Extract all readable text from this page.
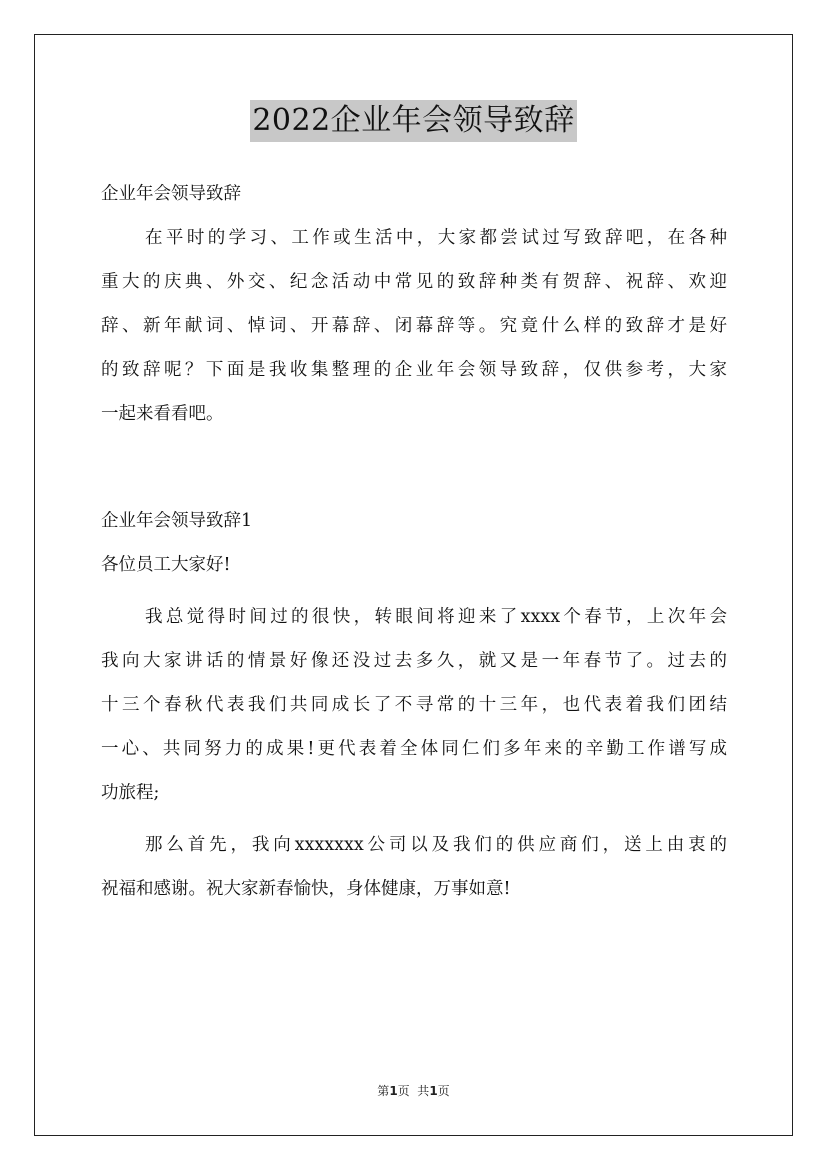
2022企业年会领导致辞
企业年会领导致辞
在平时的学习、工作或生活中，大家都尝试过写致辞吧，在各种
重大的庆典、外交、纪念活动中常见的致辞种类有贺辞、祝辞、欢迎
辞、新年献词、悼词、开幕辞、闭幕辞等。究竟什么样的致辞才是好
的致辞呢？下面是我收集整理的企业年会领导致辞，仅供参考，大家
一起来看看吧。
企业年会领导致辞1
各位员工大家好!
我总觉得时间过的很快，转眼间将迎来了xxxx个春节，上次年会
我向大家讲话的情景好像还没过去多久，就又是一年春节了。过去的
十三个春秋代表我们共同成长了不寻常的十三年，也代表着我们团结
一心、共同努力的成果!更代表着全体同仁们多年来的辛勤工作谱写成
功旅程;
那么首先，我向xxxxxxx公司以及我们的供应商们，送上由衷的
祝福和感谢。祝大家新春愉快，身体健康，万事如意!
第1页  共1页
